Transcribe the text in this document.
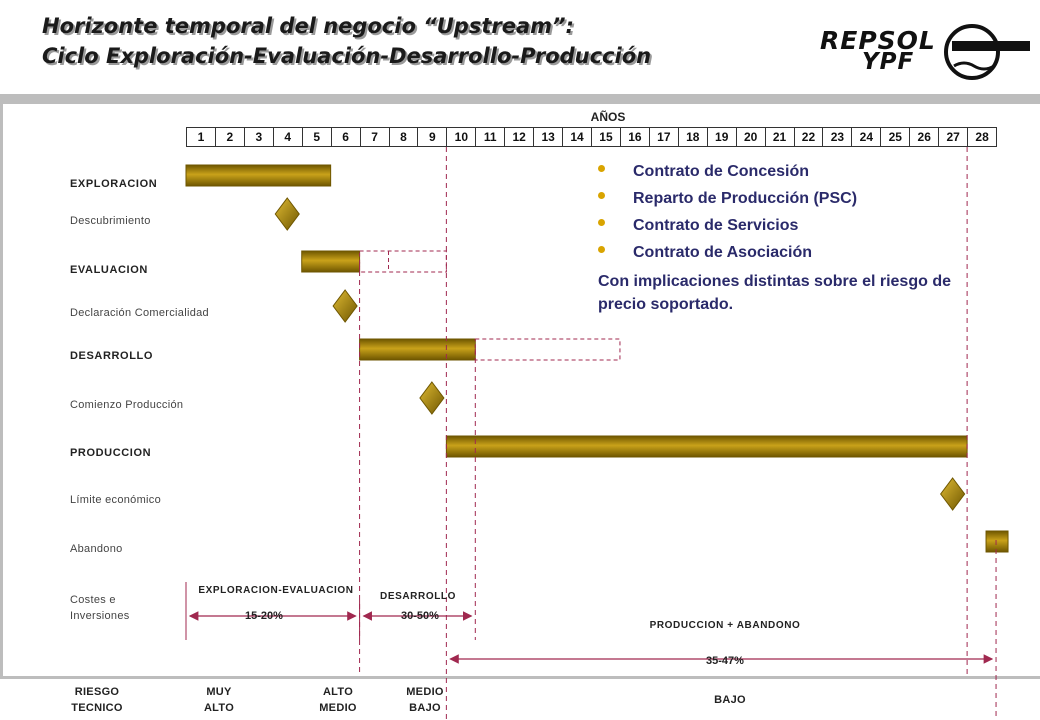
Horizonte temporal del negocio “Upstream”:
Ciclo Exploración-Evaluación-Desarrollo-Producción
REPSOL
YPF
AÑOS
1	2	3	4	5	6	7	8	9	10	11	12	13	14	15	16	17	18	19	20	21	22	23	24	25	26	27	28
EXPLORACION
Descubrimiento
EVALUACION
Declaración Comercialidad
DESARROLLO
Comienzo Producción
PRODUCCION
Límite económico
Abandono
Costes e Inversiones
Contrato de Concesión
Reparto de Producción (PSC)
Contrato de Servicios
Contrato de Asociación
Con implicaciones distintas sobre el riesgo de precio soportado.
EXPLORACION-EVALUACION
15-20%
DESARROLLO
30-50%
PRODUCCION + ABANDONO
35-47%
RIESGO TECNICO
MUY ALTO
ALTO MEDIO
MEDIO BAJO
BAJO
